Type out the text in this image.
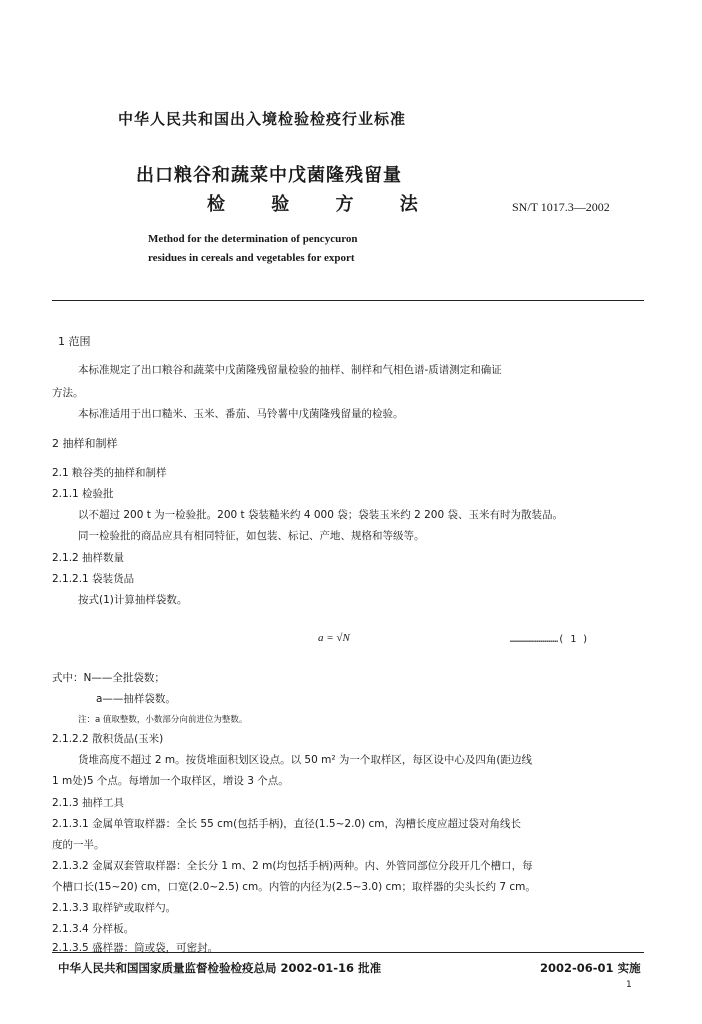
中华人民共和国出入境检验检疫行业标准
出口粮谷和蔬菜中戊菌隆残留量
检 验 方 法	SN/T 1017.3—2002
Method for the determination of pencycuron
residues in cereals and vegetables for export
1 范围
本标准规定了出口粮谷和蔬菜中戊菌隆残留量检验的抽样、制样和气相色谱-质谱测定和确证
方法。
本标准适用于出口糙米、玉米、番茄、马铃薯中戊菌隆残留量的检验。
2 抽样和制样
2.1 粮谷类的抽样和制样
2.1.1 检验批
以不超过 200 t 为一检验批。200 t 袋装糙米约 4 000 袋；袋装玉米约 2 200 袋、玉米有时为散装品。
同一检验批的商品应具有相同特征，如包装、标记、产地、规格和等级等。
2.1.2 抽样数量
2.1.2.1 袋装货品
按式(1)计算抽样袋数。
a = √N	……………………( 1 )
式中：N——全批袋数；
a——抽样袋数。
注：a 值取整数，小数部分向前进位为整数。
2.1.2.2 散积货品(玉米)
货堆高度不超过 2 m。按货堆面积划区设点。以 50 m² 为一个取样区，每区设中心及四角(距边线
1 m处)5 个点。每增加一个取样区，增设 3 个点。
2.1.3 抽样工具
2.1.3.1 金属单管取样器：全长 55 cm(包括手柄)，直径(1.5~2.0) cm，沟槽长度应超过袋对角线长
度的一半。
2.1.3.2 金属双套管取样器：全长分 1 m、2 m(均包括手柄)两种。内、外管同部位分段开几个槽口，每
个槽口长(15~20) cm，口宽(2.0~2.5) cm。内管的内径为(2.5~3.0) cm；取样器的尖头长约 7 cm。
2.1.3.3 取样铲或取样勺。
2.1.3.4 分样板。
2.1.3.5 盛样器：筒或袋，可密封。
中华人民共和国国家质量监督检验检疫总局 2002-01-16 批准	2002-06-01 实施
1
